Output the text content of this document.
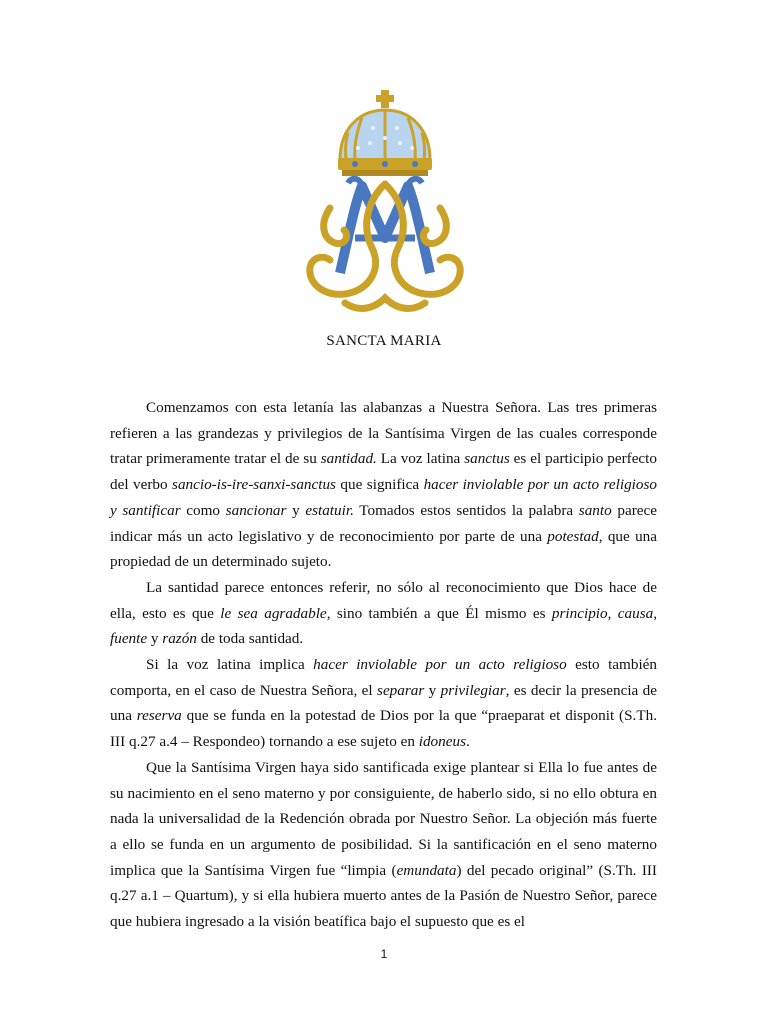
SANCTA MARIA

Comenzamos con esta letanía las alabanzas a Nuestra Señora. Las tres primeras refieren a las grandezas y privilegios de la Santísima Virgen de las cuales corresponde tratar primeramente tratar el de su santidad. La voz latina sanctus es el participio perfecto del verbo sancio-is-ire-sanxi-sanctus que significa hacer inviolable por un acto religioso y santificar como sancionar y estatuir. Tomados estos sentidos la palabra santo parece indicar más un acto legislativo y de reconocimiento por parte de una potestad, que una propiedad de un determinado sujeto.

La santidad parece entonces referir, no sólo al reconocimiento que Dios hace de ella, esto es que le sea agradable, sino también a que Él mismo es principio, causa, fuente y razón de toda santidad.

Si la voz latina implica hacer inviolable por un acto religioso esto también comporta, en el caso de Nuestra Señora, el separar y privilegiar, es decir la presencia de una reserva que se funda en la potestad de Dios por la que “praeparat et disponit (S.Th. III q.27 a.4 – Respondeo) tornando a ese sujeto en idoneus.

Que la Santísima Virgen haya sido santificada exige plantear si Ella lo fue antes de su nacimiento en el seno materno y por consiguiente, de haberlo sido, si no ello obtura en nada la universalidad de la Redención obrada por Nuestro Señor. La objeción más fuerte a ello se funda en un argumento de posibilidad. Si la santificación en el seno materno implica que la Santísima Virgen fue “limpia (emundata) del pecado original” (S.Th. III q.27 a.1 – Quartum), y si ella hubiera muerto antes de la Pasión de Nuestro Señor, parece que hubiera ingresado a la visión beatífica bajo el supuesto que es el

1
